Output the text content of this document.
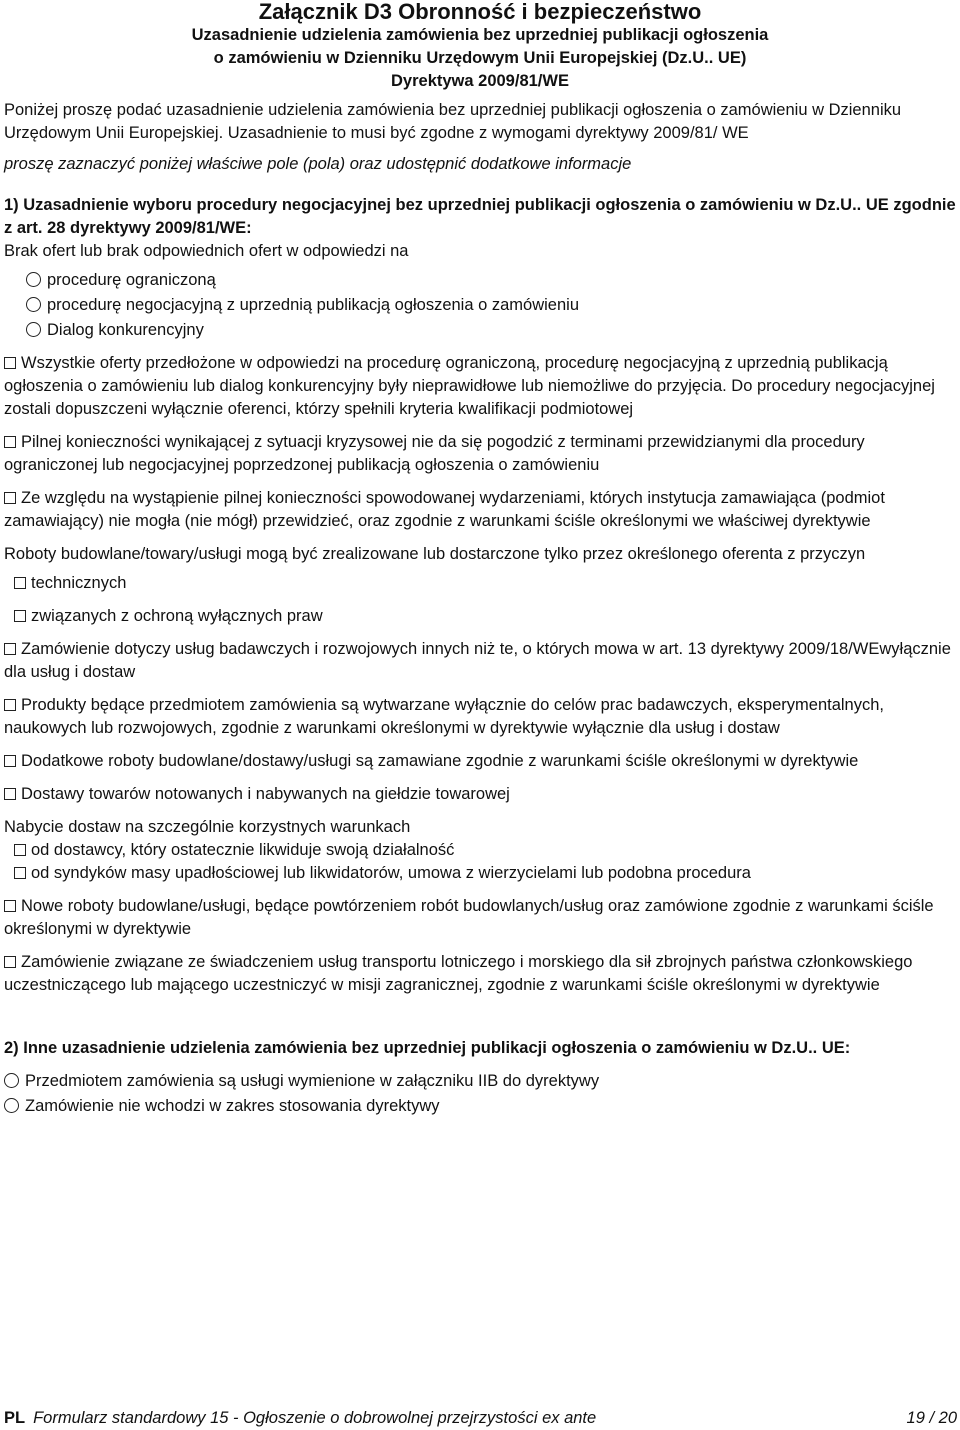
Załącznik D3 Obronność i bezpieczeństwo
Uzasadnienie udzielenia zamówienia bez uprzedniej publikacji ogłoszenia
o zamówieniu w Dzienniku Urzędowym Unii Europejskiej (Dz.U.. UE)
Dyrektywa 2009/81/WE

Poniżej proszę podać uzasadnienie udzielenia zamówienia bez uprzedniej publikacji ogłoszenia o zamówieniu w Dzienniku Urzędowym Unii Europejskiej. Uzasadnienie to musi być zgodne z wymogami dyrektywy 2009/81/ WE

proszę zaznaczyć poniżej właściwe pole (pola) oraz udostępnić dodatkowe informacje

1) Uzasadnienie wyboru procedury negocjacyjnej bez uprzedniej publikacji ogłoszenia o zamówieniu w Dz.U.. UE zgodnie z art. 28 dyrektywy 2009/81/WE:

Brak ofert lub brak odpowiednich ofert w odpowiedzi na

procedurę ograniczoną
procedurę negocjacyjną z uprzednią publikacją ogłoszenia o zamówieniu
Dialog konkurencyjny

Wszystkie oferty przedłożone w odpowiedzi na procedurę ograniczoną, procedurę negocjacyjną z uprzednią publikacją ogłoszenia o zamówieniu lub dialog konkurencyjny były nieprawidłowe lub niemożliwe do przyjęcia. Do procedury negocjacyjnej zostali dopuszczeni wyłącznie oferenci, którzy spełnili kryteria kwalifikacji podmiotowej

Pilnej konieczności wynikającej z sytuacji kryzysowej nie da się pogodzić z terminami przewidzianymi dla procedury ograniczonej lub negocjacyjnej poprzedzonej publikacją ogłoszenia o zamówieniu

Ze względu na wystąpienie pilnej konieczności spowodowanej wydarzeniami, których instytucja zamawiająca (podmiot zamawiający) nie mogła (nie mógł) przewidzieć, oraz zgodnie z warunkami ściśle określonymi we właściwej dyrektywie

Roboty budowlane/towary/usługi mogą być zrealizowane lub dostarczone tylko przez określonego oferenta z przyczyn

technicznych
związanych z ochroną wyłącznych praw

Zamówienie dotyczy usług badawczych i rozwojowych innych niż te, o których mowa w art. 13 dyrektywy 2009/18/WEwyłącznie dla usług i dostaw

Produkty będące przedmiotem zamówienia są wytwarzane wyłącznie do celów prac badawczych, eksperymentalnych, naukowych lub rozwojowych, zgodnie z warunkami określonymi w dyrektywie wyłącznie dla usług i dostaw

Dodatkowe roboty budowlane/dostawy/usługi są zamawiane zgodnie z warunkami ściśle określonymi w dyrektywie

Dostawy towarów notowanych i nabywanych na giełdzie towarowej

Nabycie dostaw na szczególnie korzystnych warunkach

od dostawcy, który ostatecznie likwiduje swoją działalność
od syndyków masy upadłościowej lub likwidatorów, umowa z wierzycielami lub podobna procedura

Nowe roboty budowlane/usługi, będące powtórzeniem robót budowlanych/usług oraz zamówione zgodnie z warunkami ściśle określonymi w dyrektywie

Zamówienie związane ze świadczeniem usług transportu lotniczego i morskiego dla sił zbrojnych państwa członkowskiego uczestniczącego lub mającego uczestniczyć w misji zagranicznej, zgodnie z warunkami ściśle określonymi w dyrektywie

2) Inne uzasadnienie udzielenia zamówienia bez uprzedniej publikacji ogłoszenia o zamówieniu w Dz.U.. UE:

Przedmiotem zamówienia są usługi wymienione w załączniku IIB do dyrektywy
Zamówienie nie wchodzi w zakres stosowania dyrektywy
PL Formularz standardowy 15 - Ogłoszenie o dobrowolnej przejrzystości ex ante	19 / 20
